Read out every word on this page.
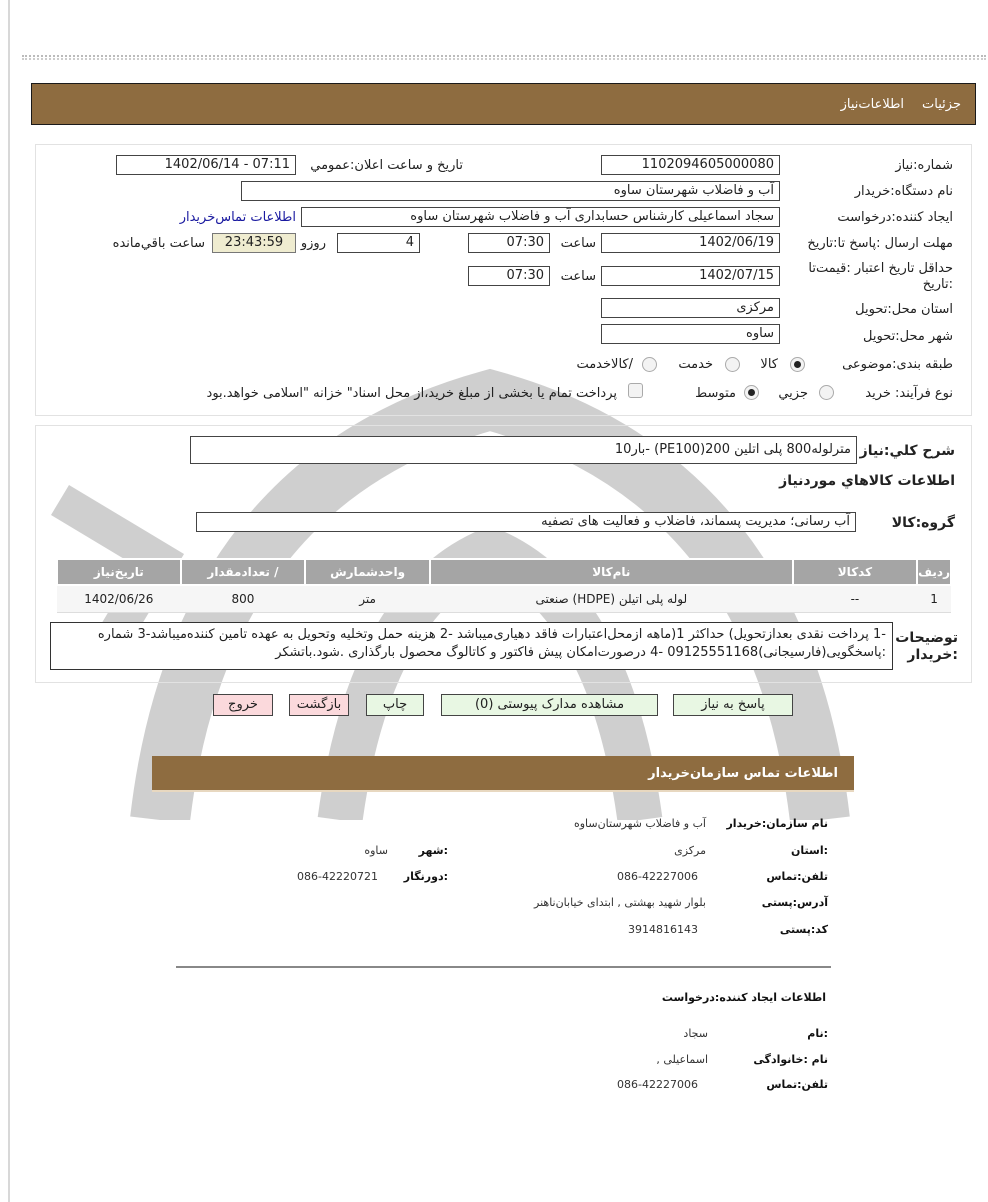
جزئیات
اطلاعات‌نیاز
شماره:نیاز
1102094605000080
تاریخ و ساعت اعلان:عمومي
1402/06/14 - 07:11
نام دستگاه:خریدار
آب و فاضلاب شهرستان ساوه
ایجاد کننده:درخواست
سجاد اسماعیلی کارشناس حسابداری آب و فاضلاب شهرستان ساوه
اطلاعات تماس‌خریدار
مهلت ارسال :پاسخ تا:تاریخ
1402/06/19
ساعت
07:30
4
روزو
23:43:59
ساعت باقي‌مانده
حداقل تاریخ اعتبار :قیمت‌تا :تاریخ
1402/07/15
ساعت
07:30
استان محل:تحویل
مرکزی
شهر محل:تحویل
ساوه
طبقه بندی:موضوعی
کالا
خدمت
/کالاخدمت
نوع فرآیند: خرید
جزيي
متوسط
پرداخت تمام یا بخشی از مبلغ خرید،از محل اسناد" خزانه "اسلامی خواهد.بود
شرح کلي:نیاز
مترلوله800 پلی اتلین 200(PE100) -بار10
اطلاعات کالاهاي موردنیاز
گروه:کالا
آب رسانی؛ مدیریت پسماند، فاضلاب و فعالیت های تصفیه
ردیف	کدکالا	نام‌کالا	واحدشمارش	/ تعدادمقدار	تاریخ‌نیاز
1	--	لوله پلی اتیلن (HDPE) صنعتی	متر	800	1402/06/26
توضیحات :خریدار
-1 پرداخت نقدی بعدازتحویل) حداکثر 1(ماهه ازمحل‌اعتبارات فاقد دهیاری‌میباشد -2 هزینه حمل وتخلیه وتحویل به عهده تامین کننده‌میباشد-3 شماره :پاسخگویی(فارسیجانی)09125551168 -4 درصورت‌امکان پیش فاکتور و کاتالوگ محصول بارگذاری .شود.باتشکر
پاسخ به نیاز
مشاهده مدارک پیوستی (0)
چاپ
بازگشت
خروج
اطلاعات تماس سازمان‌خریدار
نام سازمان:خریدار
آب و فاضلاب شهرستان‌ساوه
:استان
مرکزی
:شهر
ساوه
تلفن:تماس
086-42227006
:دورنگار
086-42220721
آدرس:پستی
بلوار شهید بهشتی , ابتدای خیابان‌ناهنر
کد:پستی
3914816143
اطلاعات ایجاد کننده:درخواست
:نام
سجاد
نام :خانوادگی
اسماعیلی ,
تلفن:تماس
086-42227006
